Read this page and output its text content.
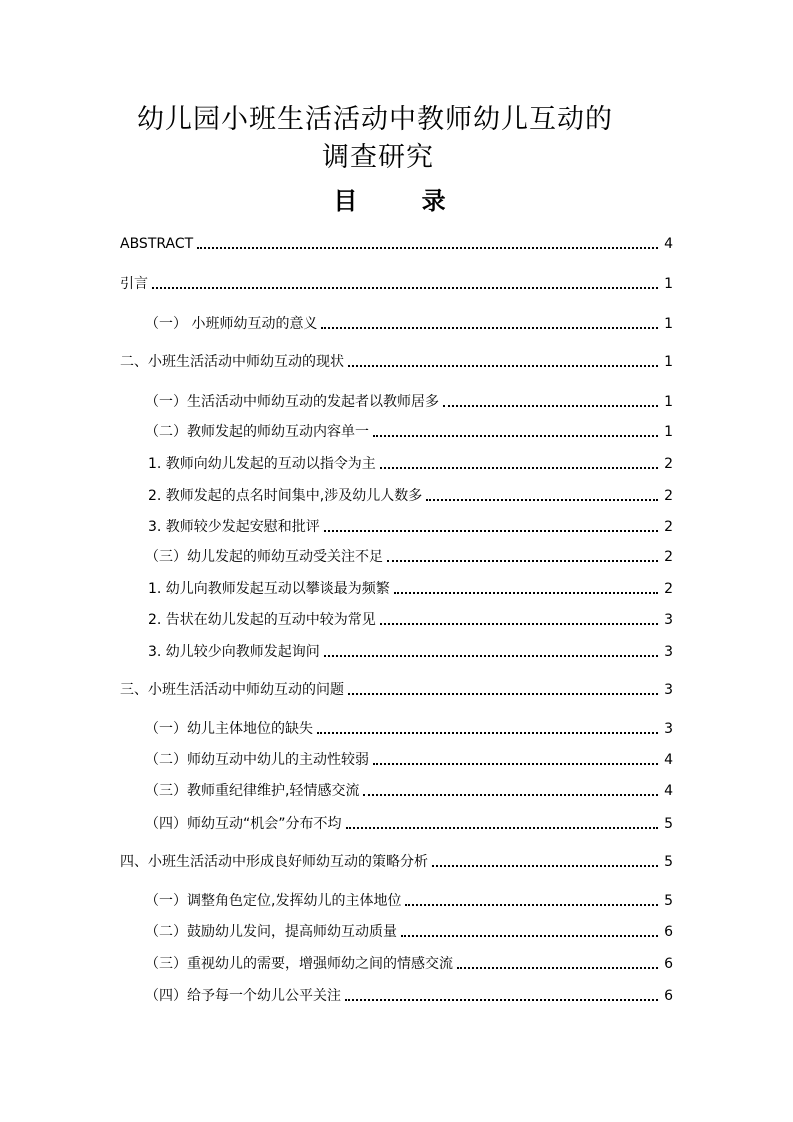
幼儿园小班生活活动中教师幼儿互动的
调查研究
目 录
ABSTRACT	4
引言	1
（一） 小班师幼互动的意义	1
二、小班生活活动中师幼互动的现状	1
（一）生活活动中师幼互动的发起者以教师居多	1
（二）教师发起的师幼互动内容单一	1
1. 教师向幼儿发起的互动以指令为主	2
2. 教师发起的点名时间集中,涉及幼儿人数多	2
3. 教师较少发起安慰和批评	2
（三）幼儿发起的师幼互动受关注不足	2
1. 幼儿向教师发起互动以攀谈最为频繁	2
2. 告状在幼儿发起的互动中较为常见	3
3. 幼儿较少向教师发起询问	3
三、小班生活活动中师幼互动的问题	3
（一）幼儿主体地位的缺失	3
（二）师幼互动中幼儿的主动性较弱	4
（三）教师重纪律维护,轻情感交流	4
（四）师幼互动“机会”分布不均	5
四、小班生活活动中形成良好师幼互动的策略分析	5
（一）调整角色定位,发挥幼儿的主体地位	5
（二）鼓励幼儿发问，提高师幼互动质量	6
（三）重视幼儿的需要，增强师幼之间的情感交流	6
（四）给予每一个幼儿公平关注	6
